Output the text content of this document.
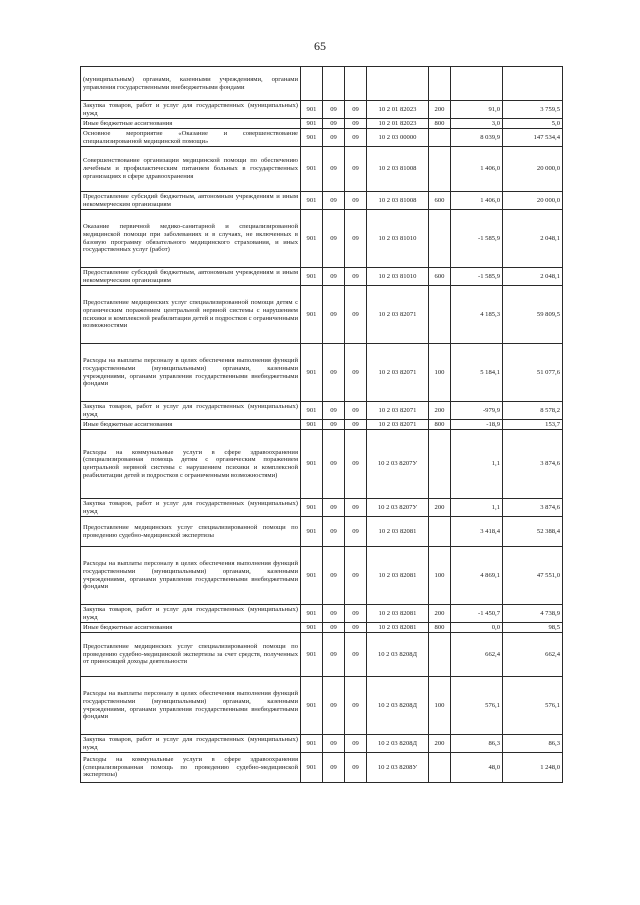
65
(муниципальным) органами, казенными учреждениями, органами управления государственными внебюджетными фондами							
Закупка товаров, работ и услуг для государственных (муниципальных) нужд	901	09	09	10 2 01 82023	200	91,0	3 759,5
Иные бюджетные ассигнования	901	09	09	10 2 01 82023	800	3,0	5,0
Основное мероприятие «Оказание и совершенствование специализированной медицинской помощи»	901	09	09	10 2 03 00000		8 039,9	147 534,4
Совершенствование организации медицинской помощи по обеспечению лечебным и профилактическим питанием больных в государственных организациях в сфере здравоохранения	901	09	09	10 2 03 81008		1 406,0	20 000,0
Предоставление субсидий бюджетным, автономным учреждениям и иным некоммерческим организациям	901	09	09	10 2 03 81008	600	1 406,0	20 000,0
Оказание первичной медико-санитарной и специализированной медицинской помощи при заболеваниях и в случаях, не включенных в базовую программу обязательного медицинского страхования, и иных государственных услуг (работ)	901	09	09	10 2 03 81010		-1 585,9	2 048,1
Предоставление субсидий бюджетным, автономным учреждениям и иным некоммерческим организациям	901	09	09	10 2 03 81010	600	-1 585,9	2 048,1
Предоставление медицинских услуг специализированной помощи детям с органическим поражением центральной нервной системы с нарушением психики и комплексной реабилитации детей и подростков с ограниченными возможностями	901	09	09	10 2 03 82071		4 185,3	59 809,5
Расходы на выплаты персоналу в целях обеспечения выполнения функций государственными (муниципальными) органами, казенными учреждениями, органами управления государственными внебюджетными фондами	901	09	09	10 2 03 82071	100	5 184,1	51 077,6
Закупка товаров, работ и услуг для государственных (муниципальных) нужд	901	09	09	10 2 03 82071	200	-979,9	8 578,2
Иные бюджетные ассигнования	901	09	09	10 2 03 82071	800	-18,9	153,7
Расходы на коммунальные услуги в сфере здравоохранения (специализированная помощь детям с органическим поражением центральной нервной системы с нарушением психики и комплексной реабилитации детей и подростков с ограниченными возможностями)	901	09	09	10 2 03 8207У		1,1	3 874,6
Закупка товаров, работ и услуг для государственных (муниципальных) нужд	901	09	09	10 2 03 8207У	200	1,1	3 874,6
Предоставление медицинских услуг специализированной помощи по проведению судебно-медицинской экспертизы	901	09	09	10 2 03 82081		3 418,4	52 388,4
Расходы на выплаты персоналу в целях обеспечения выполнения функций государственными (муниципальными) органами, казенными учреждениями, органами управления государственными внебюджетными фондами	901	09	09	10 2 03 82081	100	4 869,1	47 551,0
Закупка товаров, работ и услуг для государственных (муниципальных) нужд	901	09	09	10 2 03 82081	200	-1 450,7	4 738,9
Иные бюджетные ассигнования	901	09	09	10 2 03 82081	800	0,0	98,5
Предоставление медицинских услуг специализированной помощи по проведению судебно-медицинской экспертизы за счет средств, полученных от приносящей доходы деятельности	901	09	09	10 2 03 8208Д		662,4	662,4
Расходы на выплаты персоналу в целях обеспечения выполнения функций государственными (муниципальными) органами, казенными учреждениями, органами управления государственными внебюджетными фондами	901	09	09	10 2 03 8208Д	100	576,1	576,1
Закупка товаров, работ и услуг для государственных (муниципальных) нужд	901	09	09	10 2 03 8208Д	200	86,3	86,3
Расходы на коммунальные услуги в сфере здравоохранения (специализированная помощь по проведению судебно-медицинской экспертизы)	901	09	09	10 2 03 8208У		48,0	1 248,0
